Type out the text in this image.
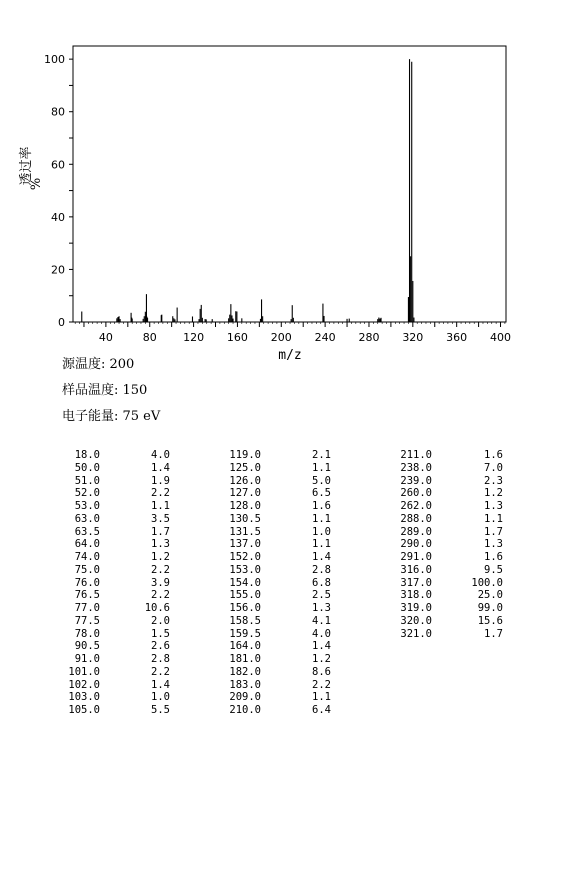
0
20
40
60
80
100
40	80 120 160 200 240 280 320 360 400
透过率
%
m/z
源温度: 200
样品温度: 150
电子能量: 75 eV
18.0	4.0
50.0	1.4
51.0	1.9
52.0	2.2
53.0	1.1
63.0	3.5
63.5	1.7
64.0	1.3
74.0	1.2
75.0	2.2
76.0	3.9
76.5	2.2
77.0	10.6
77.5	2.0
78.0	1.5
90.5	2.6
91.0	2.8
101.0	2.2
102.0	1.4
103.0	1.0
105.0	5.5
119.0	2.1
125.0	1.1
126.0	5.0
127.0	6.5
128.0	1.6
130.5	1.1
131.5	1.0
137.0	1.1
152.0	1.4
153.0	2.8
154.0	6.8
155.0	2.5
156.0	1.3
158.5	4.1
159.5	4.0
164.0	1.4
181.0	1.2
182.0	8.6
183.0	2.2
209.0	1.1
210.0	6.4
211.0	1.6
238.0	7.0
239.0	2.3
260.0	1.2
262.0	1.3
288.0	1.1
289.0	1.7
290.0	1.3
291.0	1.6
316.0	9.5
317.0	100.0
318.0	25.0
319.0	99.0
320.0	15.6
321.0	1.7
